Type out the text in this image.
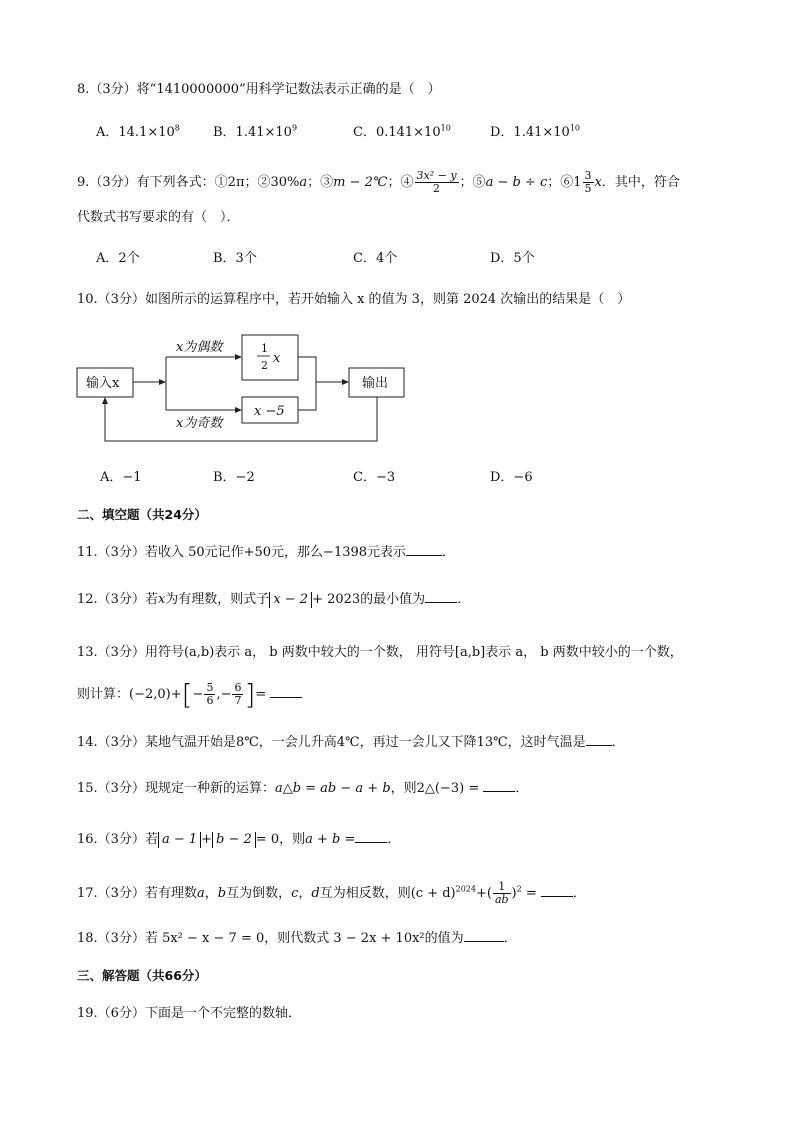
8.（3分）将“1410000000”用科学记数法表示正确的是（　）
A．$14.1\times 10^8$	B．$1.41\times 10^9$	C．$0.141\times 10^{10}$	D．$1.41\times 10^{10}$
9.（3分）有下列各式：①2π；②30%a；③m − 2℃；④ $\frac{\text{3x² − y}}{2}$ ；⑤a − b ÷ c；⑥1 $\frac{3}{5}$ x．其中，符合
代数式书写要求的有（　）．
A．2个	B．3个	C．4个	D．5个
10.（3分）如图所示的运算程序中，若开始输入 x 的值为 3，则第 2024 次输出的结果是（　）
输入x
x为偶数
x为奇数
1
2 x
x −5
输出
A．−1	B．−2	C．−3	D．−6
二、填空题（共24分）
11.（3分）若收入 50元记作+50元，那么−1398元表示	．
12.（3分）若x为有理数，则式子 x − 2 + 2023的最小值为 ．
13.（3分）用符号(a,b)表示 a， b 两数中较大的一个数， 用符号[a,b]表示 a， b 两数中较小的一个数，
则计算：$(-2,0)+[- \frac{5}{6}$ ,− $\frac{6}{7}$ ]=
14.（3分）某地气温开始是8℃，一会儿升高4℃，再过一会儿又下降13℃，这时气温是 ．
15.（3分）现规定一种新的运算：a△b = ab − a + b，则2△(−3) =	．
16.（3分）若 a − 1 + b − 2 = 0，则a + b = ．
17.（3分）若有理数a，b互为倒数，c，d互为相反数，则$(c + d)^{2024}+( \frac{1}{ab} )^2$ =	．
18.（3分）若 5x² − x − 7 = 0，则代数式 3 − 2x + 10x²的值为	．
三、解答题（共66分）
19.（6分）下面是一个不完整的数轴．
